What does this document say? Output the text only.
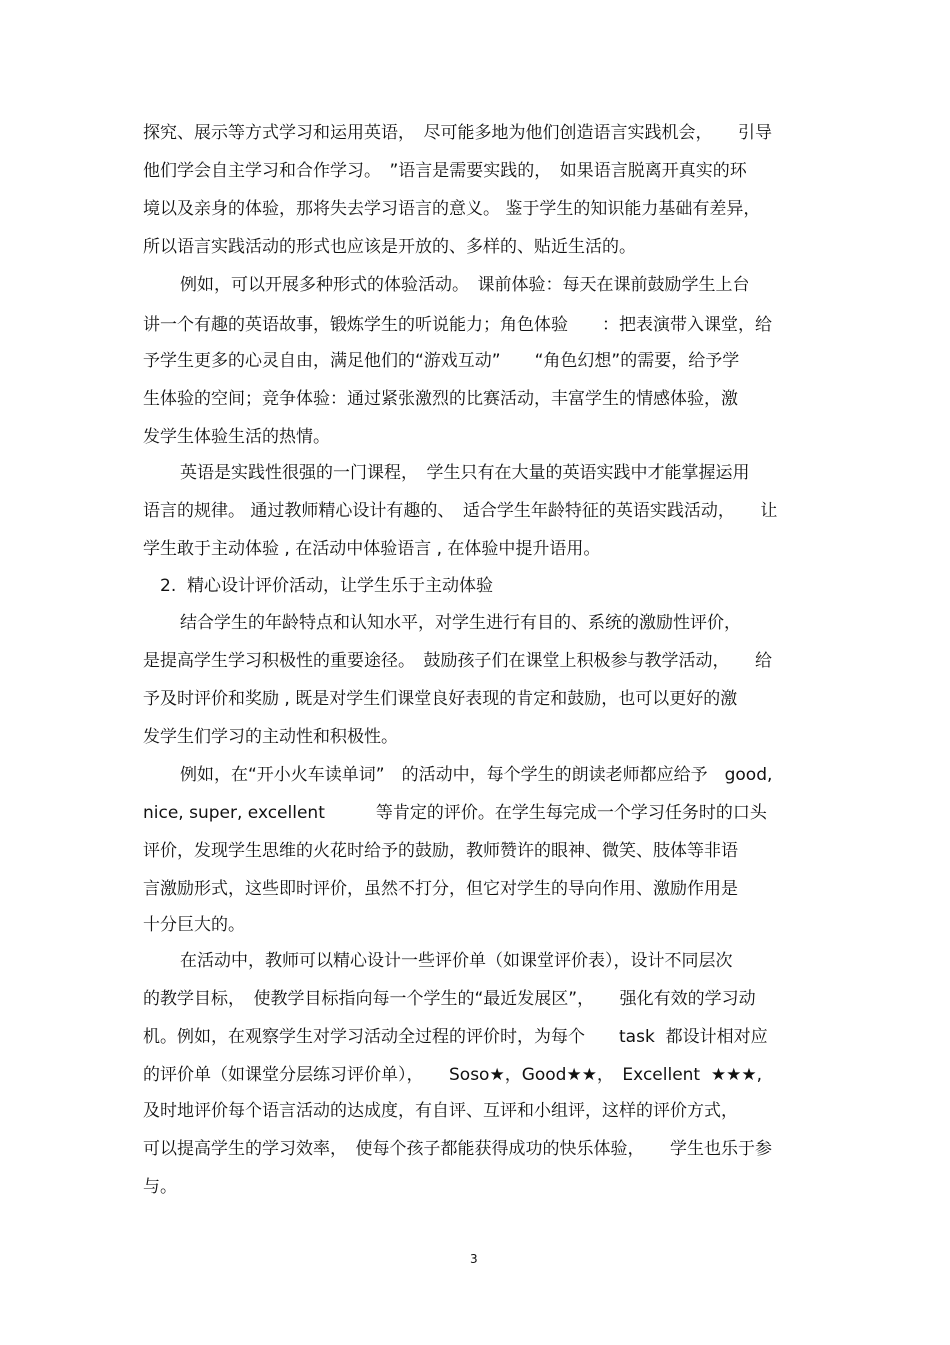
探究、展示等方式学习和运用英语，　尽可能多地为他们创造语言实践机会，　　引导
他们学会自主学习和合作学习。　”语言是需要实践的，　如果语言脱离开真实的环
境以及亲身的体验，那将失去学习语言的意义。 鉴于学生的知识能力基础有差异，
所以语言实践活动的形式也应该是开放的、多样的、贴近生活的。
例如，可以开展多种形式的体验活动。　课前体验：每天在课前鼓励学生上台
讲一个有趣的英语故事，锻炼学生的听说能力；角色体验　　：把表演带入课堂，给
予学生更多的心灵自由，满足他们的“游戏互动”　　“角色幻想”的需要，给予学
生体验的空间；竞争体验：通过紧张激烈的比赛活动，丰富学生的情感体验，激
发学生体验生活的热情。
英语是实践性很强的一门课程，　学生只有在大量的英语实践中才能掌握运用
语言的规律。 通过教师精心设计有趣的、　适合学生年龄特征的英语实践活动，　　让
学生敢于主动体验 , 在活动中体验语言 , 在体验中提升语用。
2.  精心设计评价活动，让学生乐于主动体验
结合学生的年龄特点和认知水平，对学生进行有目的、系统的激励性评价，
是提高学生学习积极性的重要途径。　鼓励孩子们在课堂上积极参与教学活动，　　给
予及时评价和奖励 , 既是对学生们课堂良好表现的肯定和鼓励，也可以更好的激
发学生们学习的主动性和积极性。
例如，在“开小火车读单词”　的活动中，每个学生的朗读老师都应给予　good,
nice, super, excellent　　　等肯定的评价。在学生每完成一个学习任务时的口头
评价，发现学生思维的火花时给予的鼓励，教师赞许的眼神、微笑、肢体等非语
言激励形式，这些即时评价，虽然不打分，但它对学生的导向作用、激励作用是
十分巨大的。
在活动中，教师可以精心设计一些评价单（如课堂评价表），设计不同层次
的教学目标，　使教学目标指向每一个学生的“最近发展区”，　　强化有效的学习动
机。例如，在观察学生对学习活动全过程的评价时，为每个　　task  都设计相对应
的评价单（如课堂分层练习评价单），　　Soso★，Good★★，　Excellent  ★★★,
及时地评价每个语言活动的达成度，有自评、互评和小组评，这样的评价方式，
可以提高学生的学习效率，　使每个孩子都能获得成功的快乐体验，　　学生也乐于参
与。
3
